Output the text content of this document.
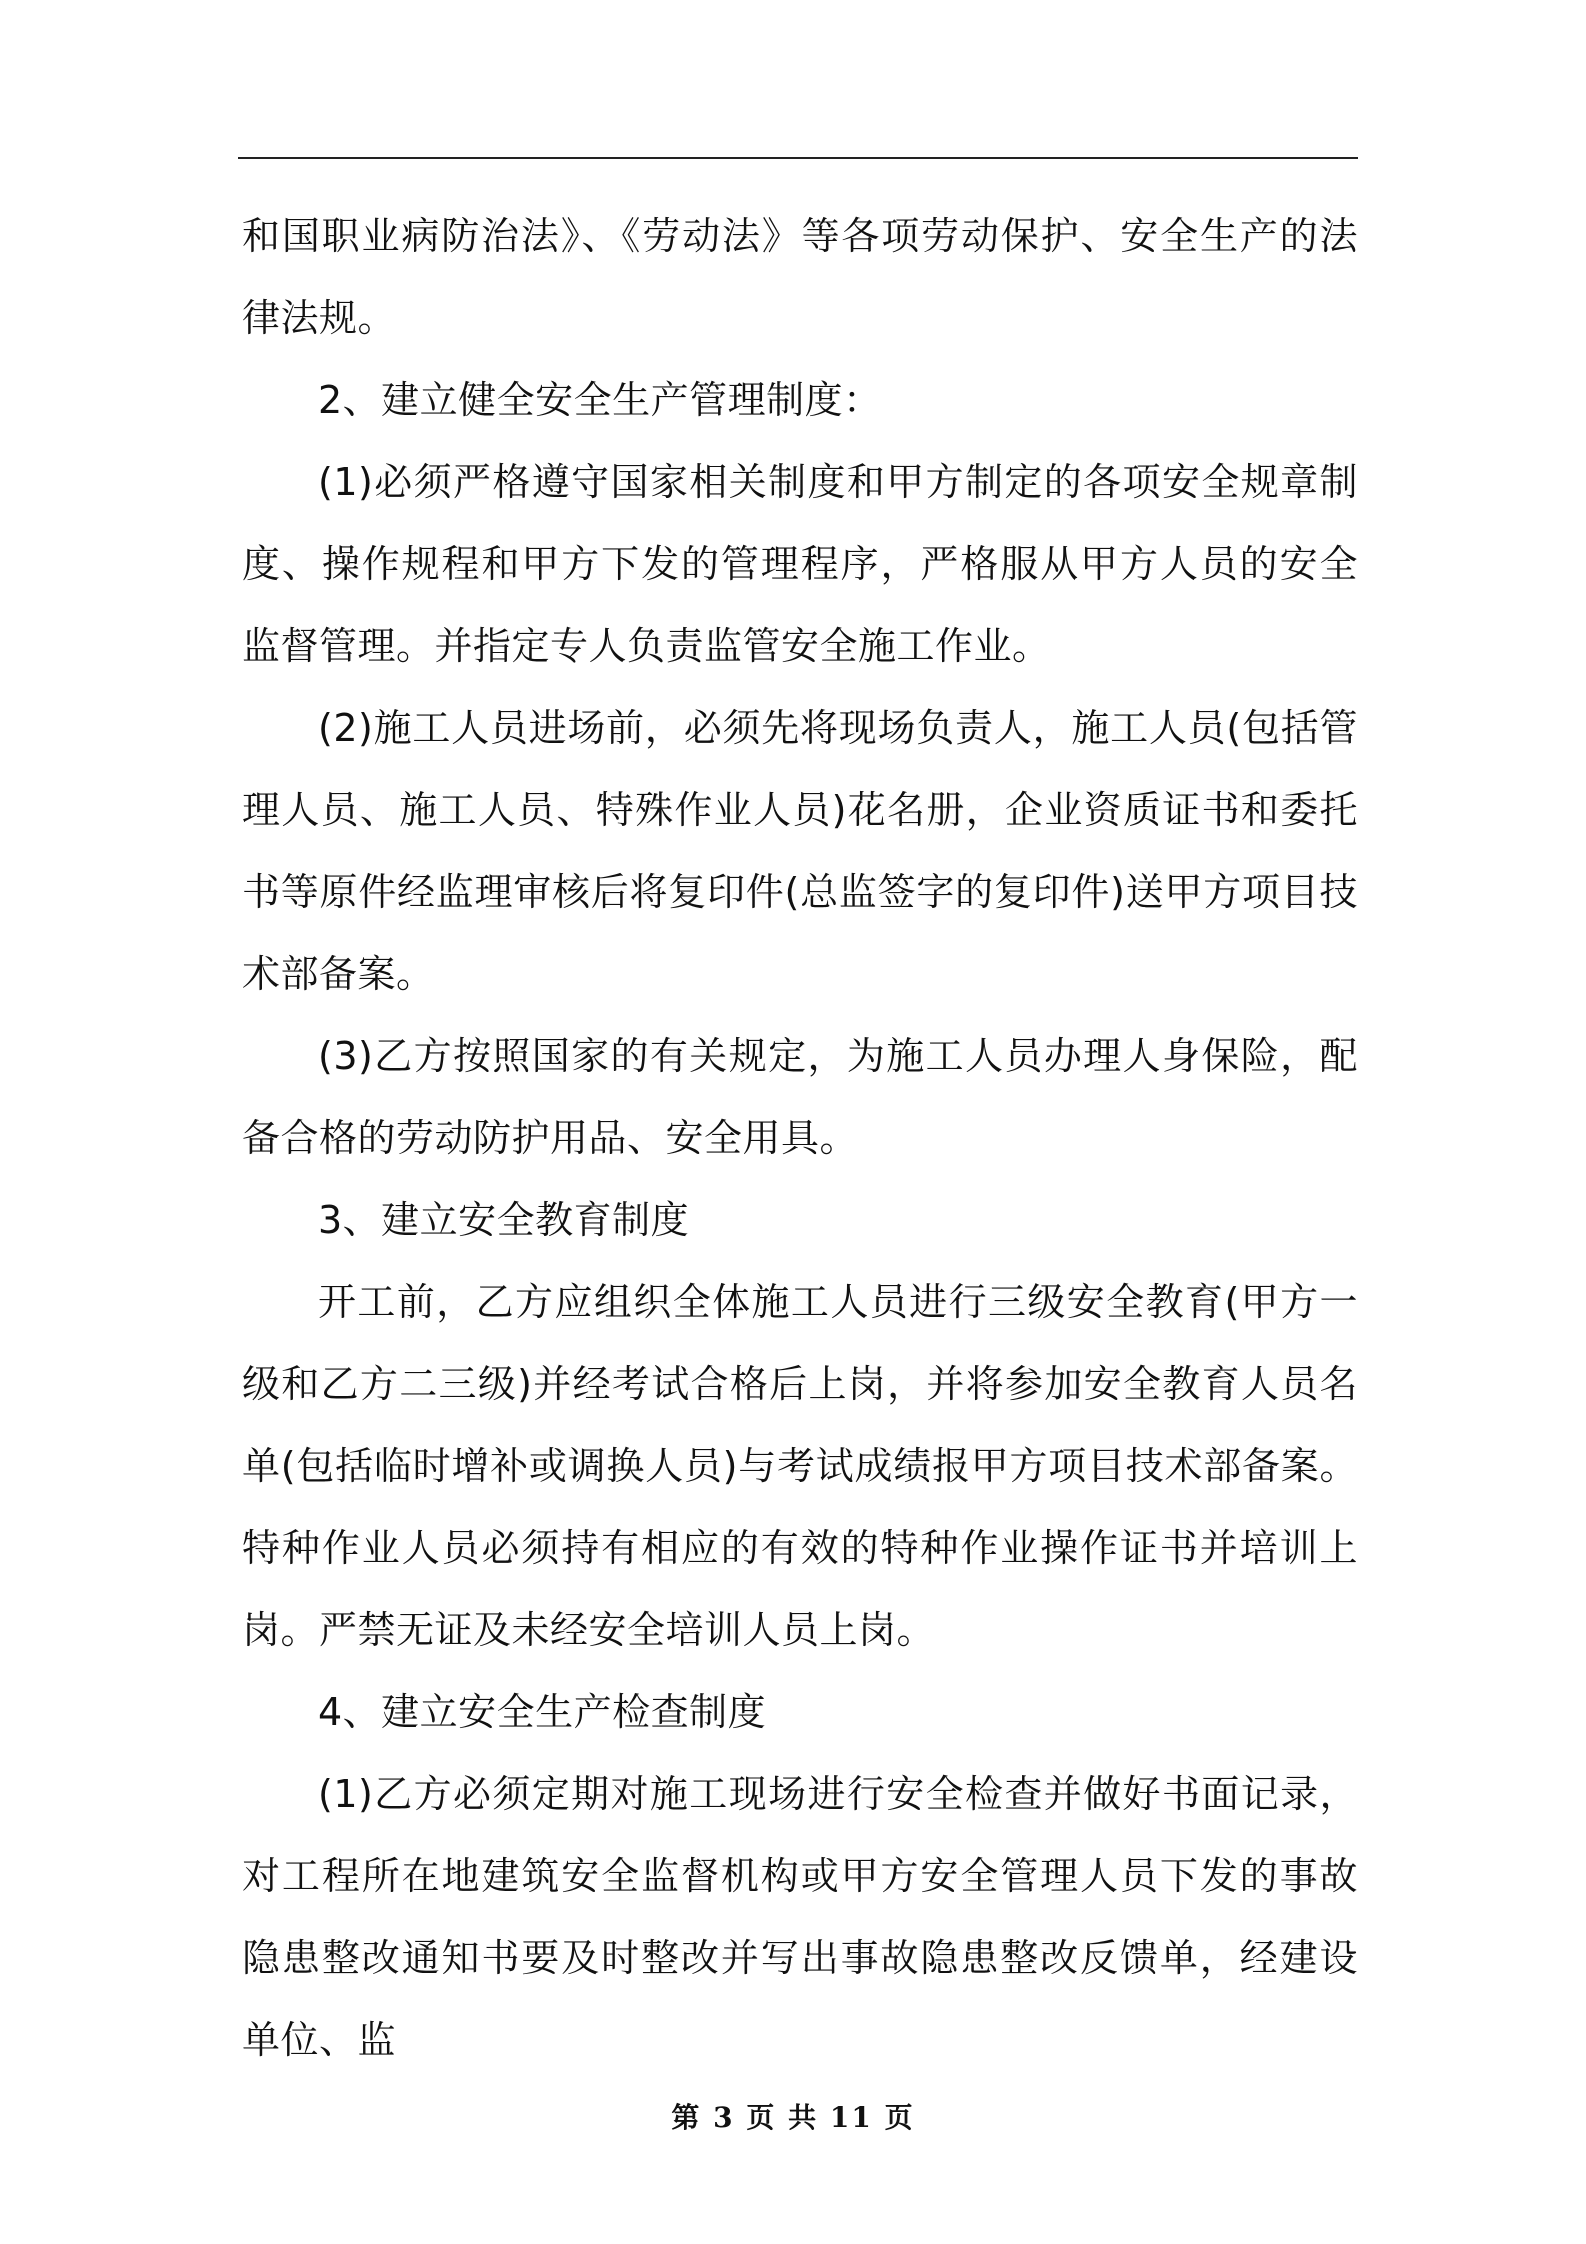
和国职业病防治法》、《劳动法》等各项劳动保护、安全生产的法律法规。

2、建立健全安全生产管理制度：

(1)必须严格遵守国家相关制度和甲方制定的各项安全规章制度、操作规程和甲方下发的管理程序，严格服从甲方人员的安全监督管理。并指定专人负责监管安全施工作业。

(2)施工人员进场前，必须先将现场负责人，施工人员(包括管理人员、施工人员、特殊作业人员)花名册，企业资质证书和委托书等原件经监理审核后将复印件(总监签字的复印件)送甲方项目技术部备案。

(3)乙方按照国家的有关规定，为施工人员办理人身保险，配备合格的劳动防护用品、安全用具。

3、建立安全教育制度

开工前，乙方应组织全体施工人员进行三级安全教育(甲方一级和乙方二三级)并经考试合格后上岗，并将参加安全教育人员名单(包括临时增补或调换人员)与考试成绩报甲方项目技术部备案。特种作业人员必须持有相应的有效的特种作业操作证书并培训上岗。严禁无证及未经安全培训人员上岗。

4、建立安全生产检查制度

(1)乙方必须定期对施工现场进行安全检查并做好书面记录，对工程所在地建筑安全监督机构或甲方安全管理人员下发的事故隐患整改通知书要及时整改并写出事故隐患整改反馈单，经建设单位、监

第 3 页 共 11 页
